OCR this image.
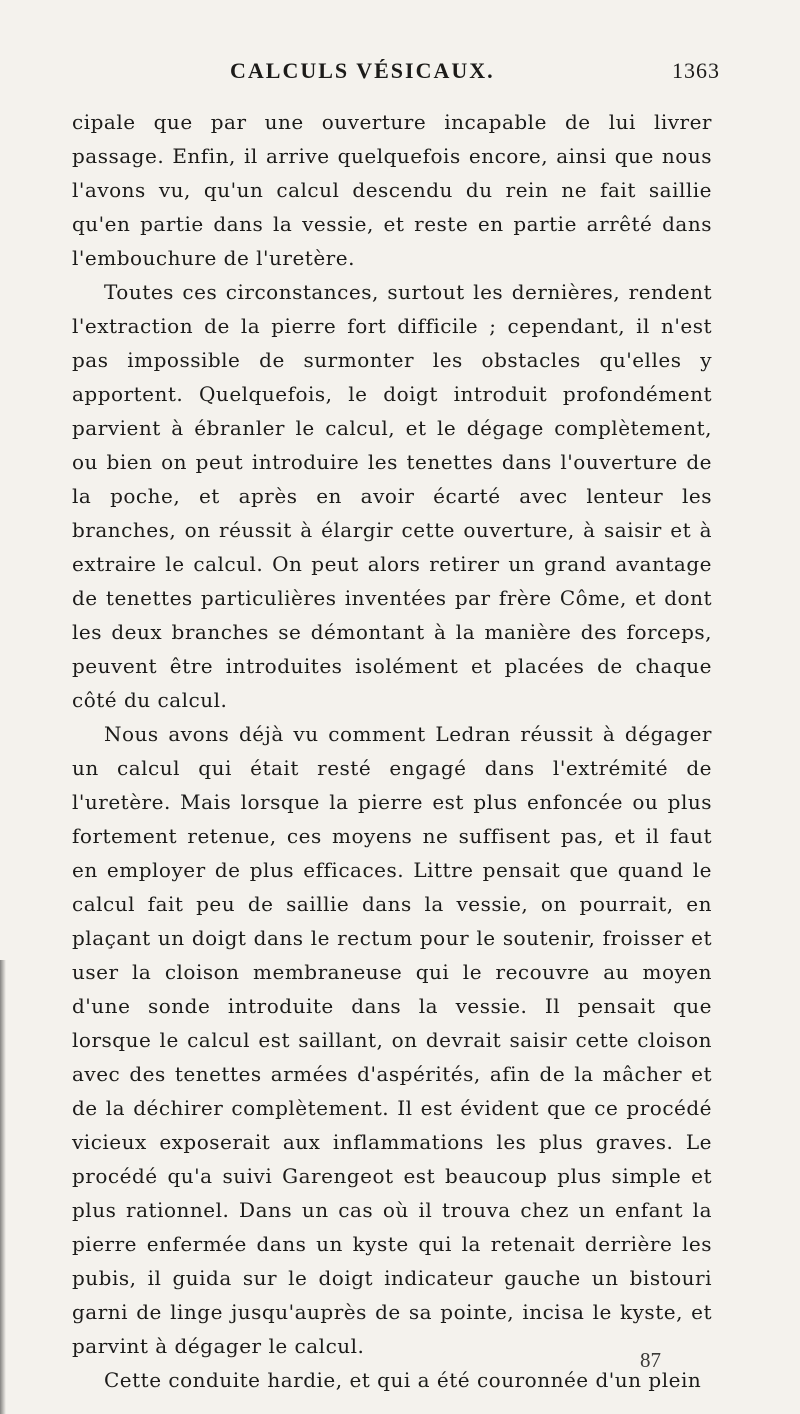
CALCULS VÉSICAUX.	1363

cipale que par une ouverture incapable de lui livrer passage. Enfin, il arrive quelquefois encore, ainsi que nous l'avons vu, qu'un calcul descendu du rein ne fait saillie qu'en partie dans la vessie, et reste en partie arrêté dans l'embouchure de l'uretère.

Toutes ces circonstances, surtout les dernières, rendent l'extraction de la pierre fort difficile ; cependant, il n'est pas impossible de surmonter les obstacles qu'elles y apportent. Quelquefois, le doigt introduit profondément parvient à ébranler le calcul, et le dégage complètement, ou bien on peut introduire les tenettes dans l'ouverture de la poche, et après en avoir écarté avec lenteur les branches, on réussit à élargir cette ouverture, à saisir et à extraire le calcul. On peut alors retirer un grand avantage de tenettes particulières inventées par frère Côme, et dont les deux branches se démontant à la manière des forceps, peuvent être introduites isolément et placées de chaque côté du calcul.

Nous avons déjà vu comment Ledran réussit à dégager un calcul qui était resté engagé dans l'extrémité de l'uretère. Mais lorsque la pierre est plus enfoncée ou plus fortement retenue, ces moyens ne suffisent pas, et il faut en employer de plus efficaces. Littre pensait que quand le calcul fait peu de saillie dans la vessie, on pourrait, en plaçant un doigt dans le rectum pour le soutenir, froisser et user la cloison membraneuse qui le recouvre au moyen d'une sonde introduite dans la vessie. Il pensait que lorsque le calcul est saillant, on devrait saisir cette cloison avec des tenettes armées d'aspérités, afin de la mâcher et de la déchirer complètement. Il est évident que ce procédé vicieux exposerait aux inflammations les plus graves. Le procédé qu'a suivi Garengeot est beaucoup plus simple et plus rationnel. Dans un cas où il trouva chez un enfant la pierre enfermée dans un kyste qui la retenait derrière les pubis, il guida sur le doigt indicateur gauche un bistouri garni de linge jusqu'auprès de sa pointe, incisa le kyste, et parvint à dégager le calcul.

Cette conduite hardie, et qui a été couronnée d'un plein

87
